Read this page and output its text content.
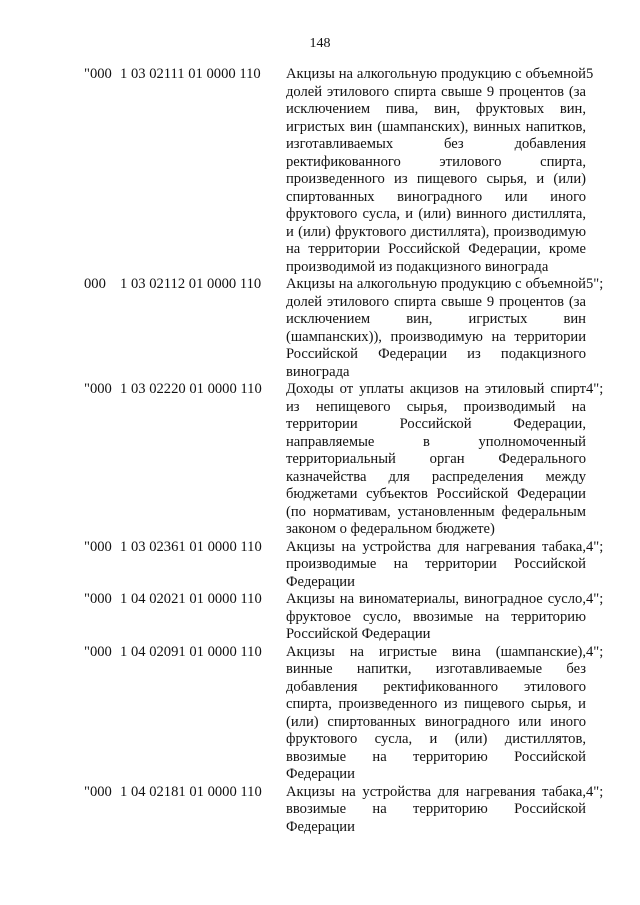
148
"000	1 03 02111 01 0000 110	Акцизы на алкогольную продукцию с объемной долей этилового спирта свыше 9 процентов (за исключением пива, вин, фруктовых вин, игристых вин (шампанских), винных напитков, изготавливаемых без добавления ректификованного этилового спирта, произведенного из пищевого сырья, и (или) спиртованных виноградного или иного фруктового сусла, и (или) винного дистиллята, и (или) фруктового дистиллята), производимую на территории Российской Федерации, кроме производимой из подакцизного винограда	5
000	1 03 02112 01 0000 110	Акцизы на алкогольную продукцию с объемной долей этилового спирта свыше 9 процентов (за исключением вин, игристых вин (шампанских)), производимую на территории Российской Федерации из подакцизного винограда	5";
"000	1 03 02220 01 0000 110	Доходы от уплаты акцизов на этиловый спирт из непищевого сырья, производимый на территории Российской Федерации, направляемые в уполномоченный территориальный орган Федерального казначейства для распределения между бюджетами субъектов Российской Федерации (по нормативам, установленным федеральным законом о федеральном бюджете)	4";
"000	1 03 02361 01 0000 110	Акцизы на устройства для нагревания табака, производимые на территории Российской Федерации	4";
"000	1 04 02021 01 0000 110	Акцизы на виноматериалы, виноградное сусло, фруктовое сусло, ввозимые на территорию Российской Федерации	4";
"000	1 04 02091 01 0000 110	Акцизы на игристые вина (шампанские), винные напитки, изготавливаемые без добавления ректификованного этилового спирта, произведенного из пищевого сырья, и (или) спиртованных виноградного или иного фруктового сусла, и (или) дистиллятов, ввозимые на территорию Российской Федерации	4";
"000	1 04 02181 01 0000 110	Акцизы на устройства для нагревания табака, ввозимые на территорию Российской Федерации	4";
